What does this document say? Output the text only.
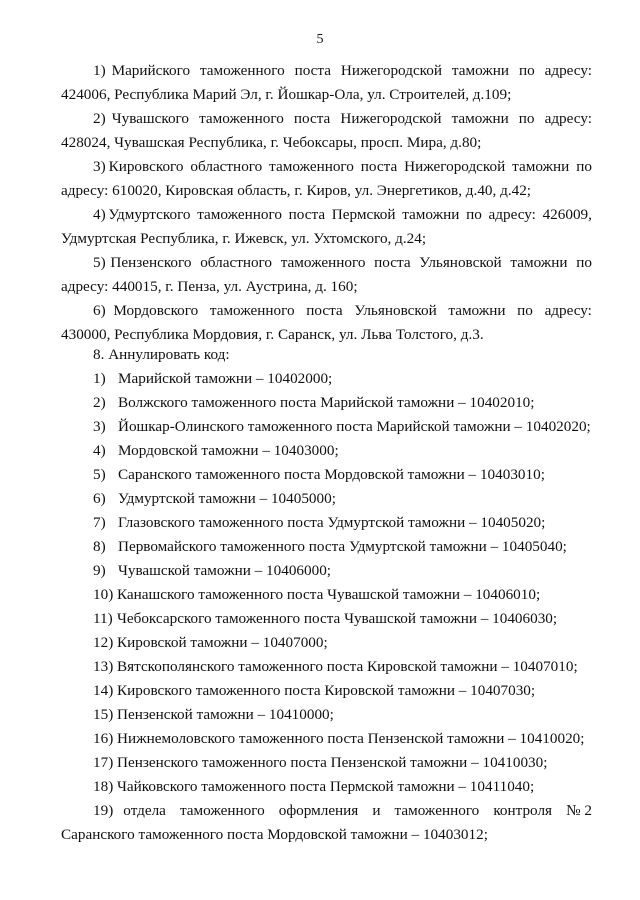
5
1) Марийского таможенного поста Нижегородской таможни по адресу:
424006, Республика Марий Эл, г. Йошкар-Ола, ул. Строителей, д.109;
2) Чувашского таможенного поста Нижегородской таможни по адресу:
428024, Чувашская Республика, г. Чебоксары, просп. Мира, д.80;
3) Кировского областного таможенного поста Нижегородской таможни по
адресу: 610020, Кировская область, г. Киров, ул. Энергетиков, д.40, д.42;
4) Удмуртского таможенного поста Пермской таможни по адресу: 426009,
Удмуртская Республика, г. Ижевск, ул. Ухтомского, д.24;
5) Пензенского областного таможенного поста Ульяновской таможни по
адресу: 440015, г. Пенза, ул. Аустрина, д. 160;
6) Мордовского таможенного поста Ульяновской таможни по адресу:
430000, Республика Мордовия, г. Саранск, ул. Льва Толстого, д.3.
8. Аннулировать код:
1) Марийской таможни – 10402000;
2) Волжского таможенного поста Марийской таможни – 10402010;
3) Йошкар-Олинского таможенного поста Марийской таможни – 10402020;
4) Мордовской таможни – 10403000;
5) Саранского таможенного поста Мордовской таможни – 10403010;
6) Удмуртской таможни – 10405000;
7) Глазовского таможенного поста Удмуртской таможни – 10405020;
8) Первомайского таможенного поста Удмуртской таможни – 10405040;
9) Чувашской таможни – 10406000;
10) Канашского таможенного поста Чувашской таможни – 10406010;
11) Чебоксарского таможенного поста Чувашской таможни – 10406030;
12) Кировской таможни – 10407000;
13) Вятскополянского таможенного поста Кировской таможни – 10407010;
14) Кировского таможенного поста Кировской таможни – 10407030;
15) Пензенской таможни – 10410000;
16) Нижнемоловского таможенного поста Пензенской таможни – 10410020;
17) Пензенского таможенного поста Пензенской таможни – 10410030;
18) Чайковского таможенного поста Пермской таможни – 10411040;
19) отдела таможенного оформления и таможенного контроля № 2
Саранского таможенного поста Мордовской таможни – 10403012;
